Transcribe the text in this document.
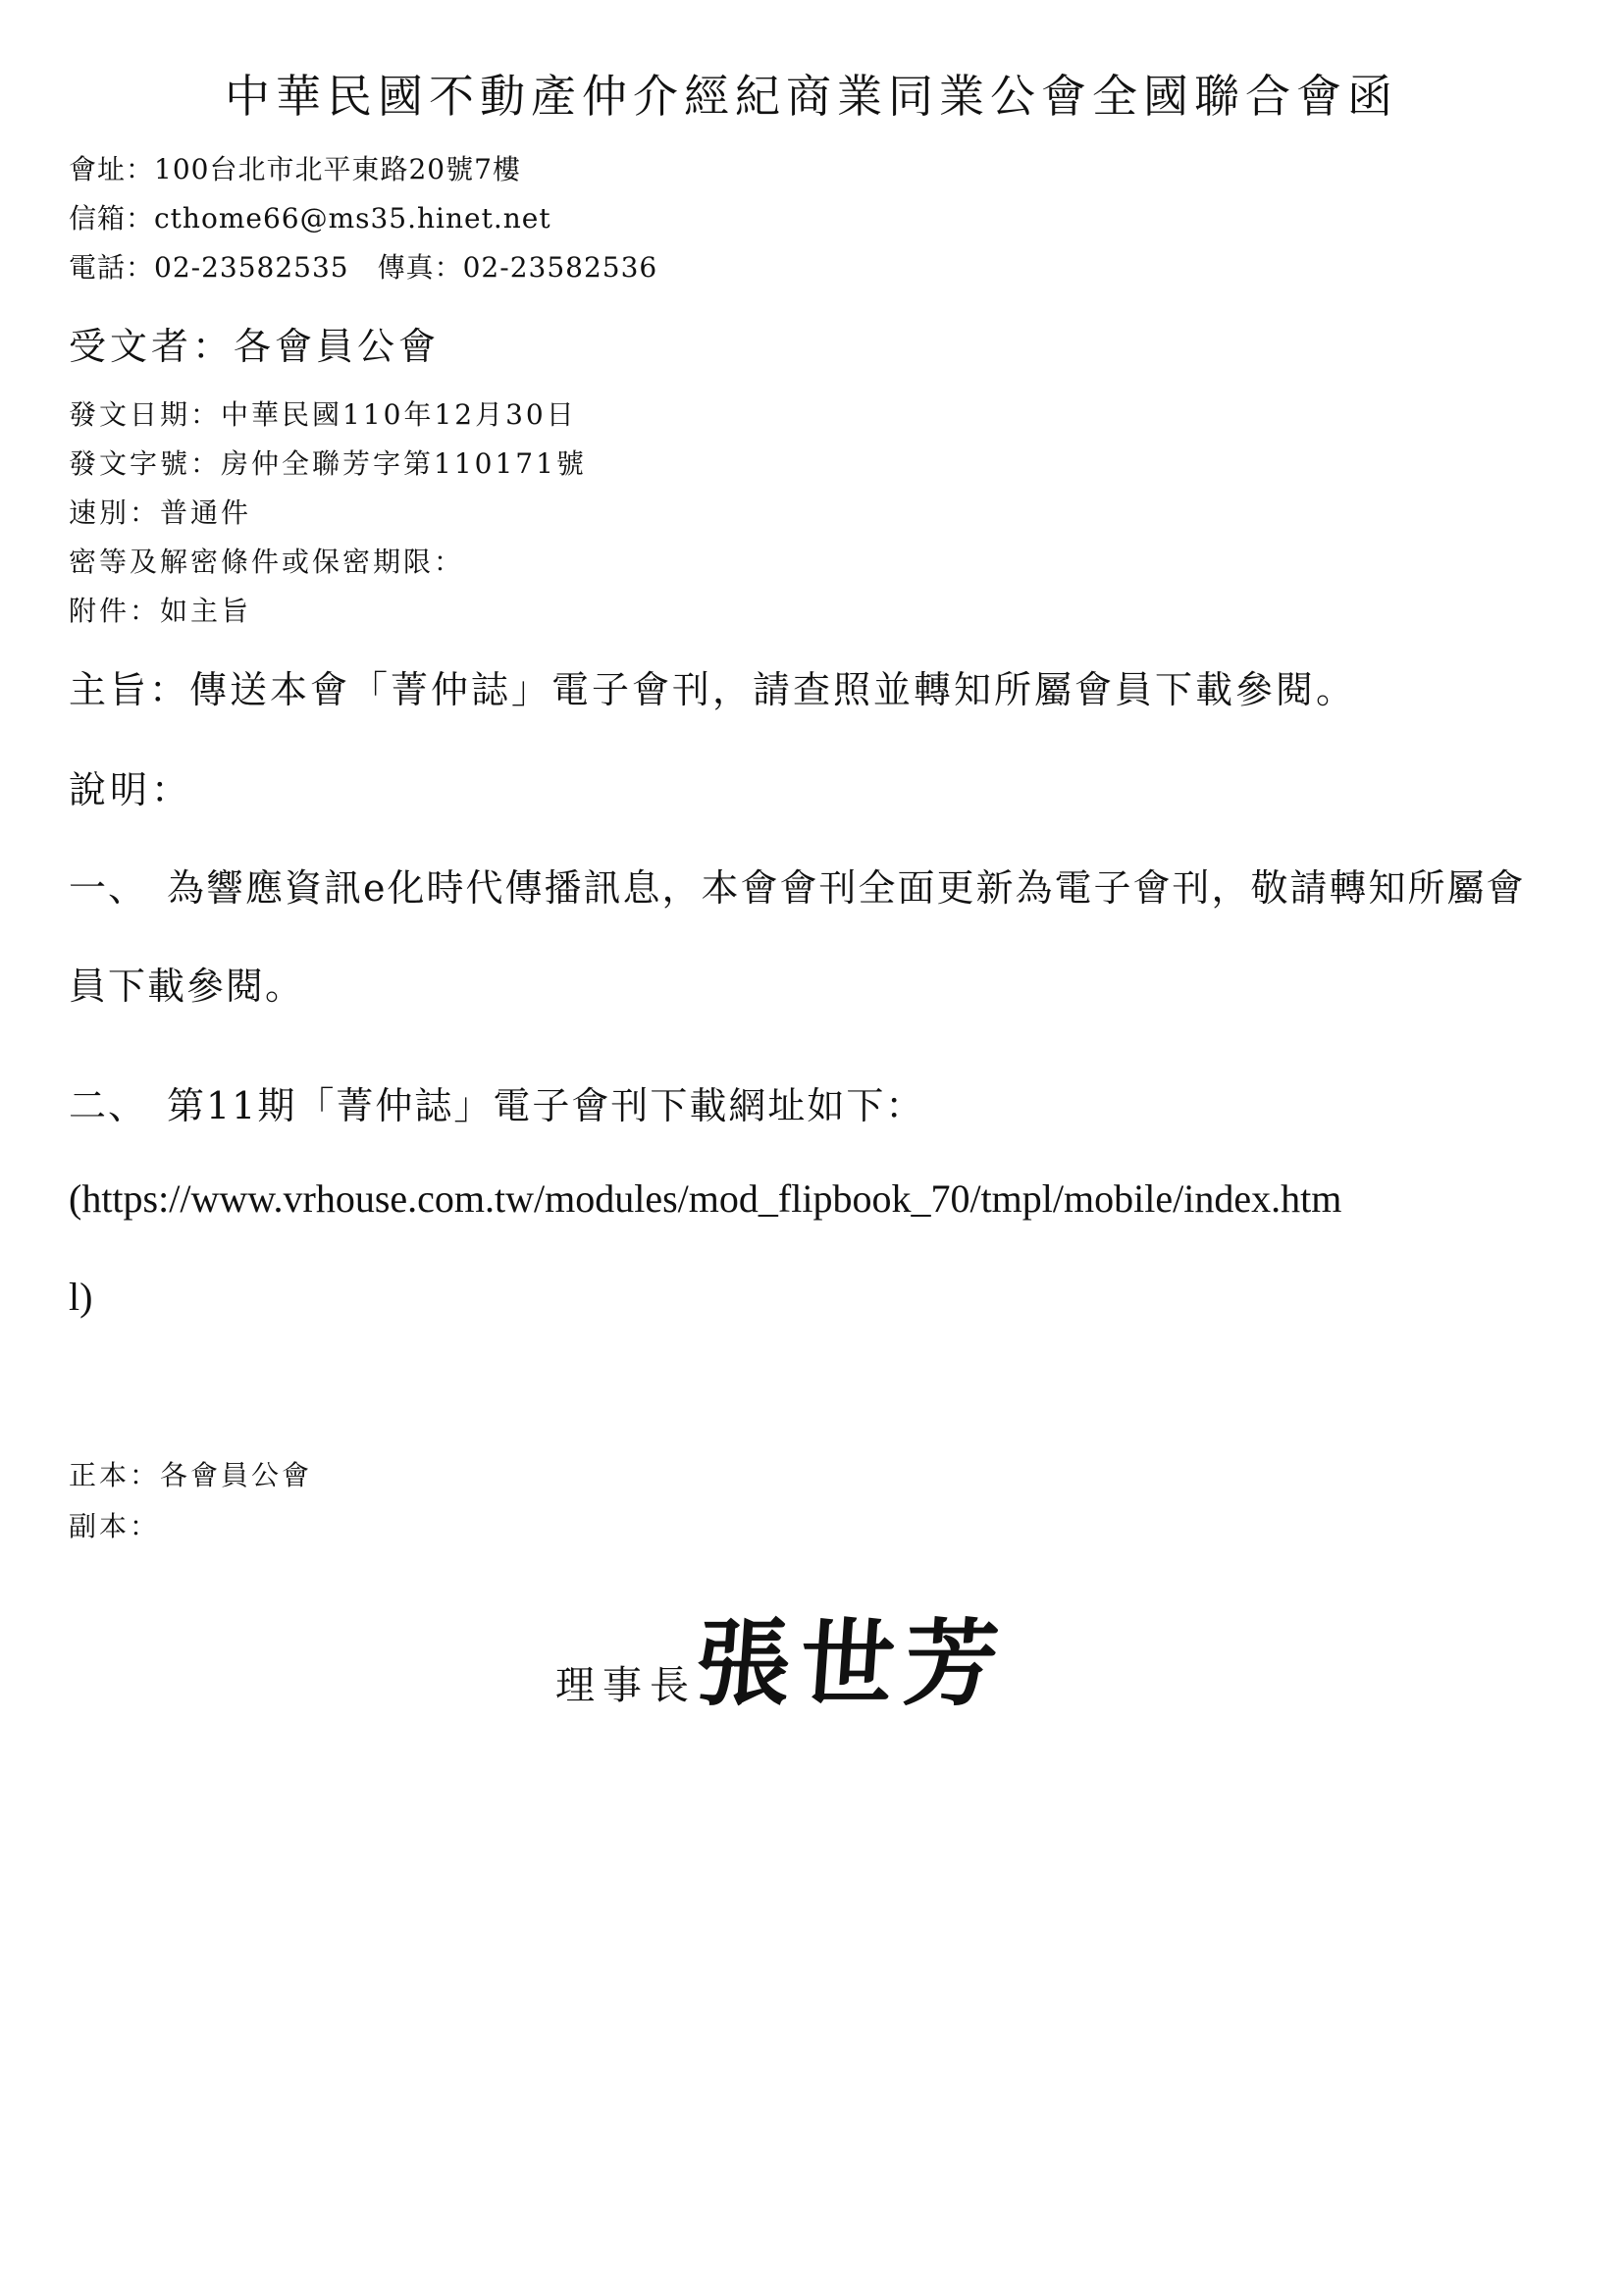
中華民國不動產仲介經紀商業同業公會全國聯合會函
會址：100台北市北平東路20號7樓
信箱：cthome66@ms35.hinet.net
電話：02-23582535　傳真：02-23582536
受文者：各會員公會
發文日期：中華民國110年12月30日
發文字號：房仲全聯芳字第110171號
速別：普通件
密等及解密條件或保密期限：
附件：如主旨
主旨：傳送本會「菁仲誌」電子會刊，請查照並轉知所屬會員下載參閱。
說明：
一、 為響應資訊e化時代傳播訊息，本會會刊全面更新為電子會刊，敬請轉知所屬會
員下載參閱。
二、 第11期「菁仲誌」電子會刊下載網址如下：
(https://www.vrhouse.com.tw/modules/mod_flipbook_70/tmpl/mobile/index.htm
l)
正本：各會員公會
副本：
理事長張世芳
